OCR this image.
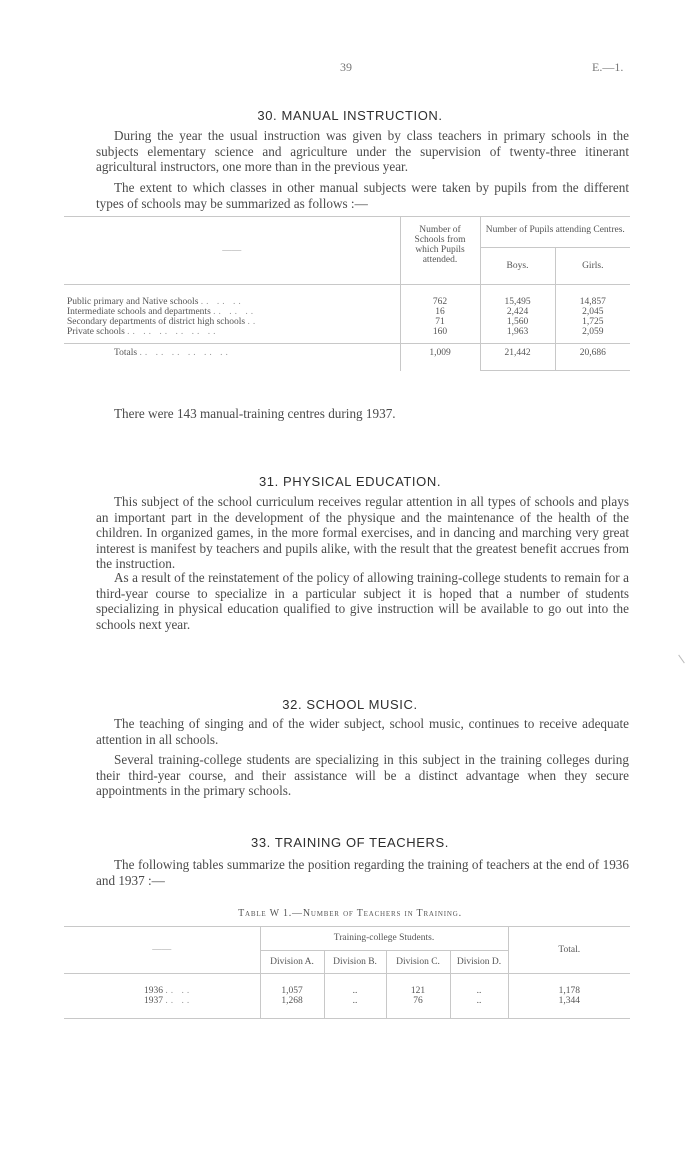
39	E.—1.
30. MANUAL INSTRUCTION.

During the year the usual instruction was given by class teachers in primary schools in the subjects elementary science and agriculture under the supervision of twenty-three itinerant agricultural instructors, one more than in the previous year.

The extent to which classes in other manual subjects were taken by pupils from the different types of schools may be summarized as follows :—

——	Number of Schools from which Pupils attended.	Number of Pupils attending Centres.	
		Boys.	Girls.
Public primary and Native schools .. .. ..	762	15,495	14,857
Intermediate schools and departments .. .. ..	16	2,424	2,045
Secondary departments of district high schools ..	71	1,560	1,725
Private schools .. .. .. .. .. ..	160	1,963	2,059
Totals .. .. .. .. .. ..	1,009	21,442	20,686

There were 143 manual-training centres during 1937.

31. PHYSICAL EDUCATION.

This subject of the school curriculum receives regular attention in all types of schools and plays an important part in the development of the physique and the maintenance of the health of the children. In organized games, in the more formal exercises, and in dancing and marching very great interest is manifest by teachers and pupils alike, with the result that the greatest benefit accrues from the instruction.

As a result of the reinstatement of the policy of allowing training-college students to remain for a third-year course to specialize in a particular subject it is hoped that a number of students specializing in physical education qualified to give instruction will be available to go out into the schools next year.

32. SCHOOL MUSIC.

The teaching of singing and of the wider subject, school music, continues to receive adequate attention in all schools.

Several training-college students are specializing in this subject in the training colleges during their third-year course, and their assistance will be a distinct advantage when they secure appointments in the primary schools.

33. TRAINING OF TEACHERS.

The following tables summarize the position regarding the training of teachers at the end of 1936 and 1937 :—

Table W 1.—Number of Teachers in Training.
——	Training-college Students.				Total.
	Division A.	Division B.	Division C.	Division D.	
1936 .. ..	1,057	..	121	..	1,178
1937 .. ..	1,268	..	76	..	1,344
